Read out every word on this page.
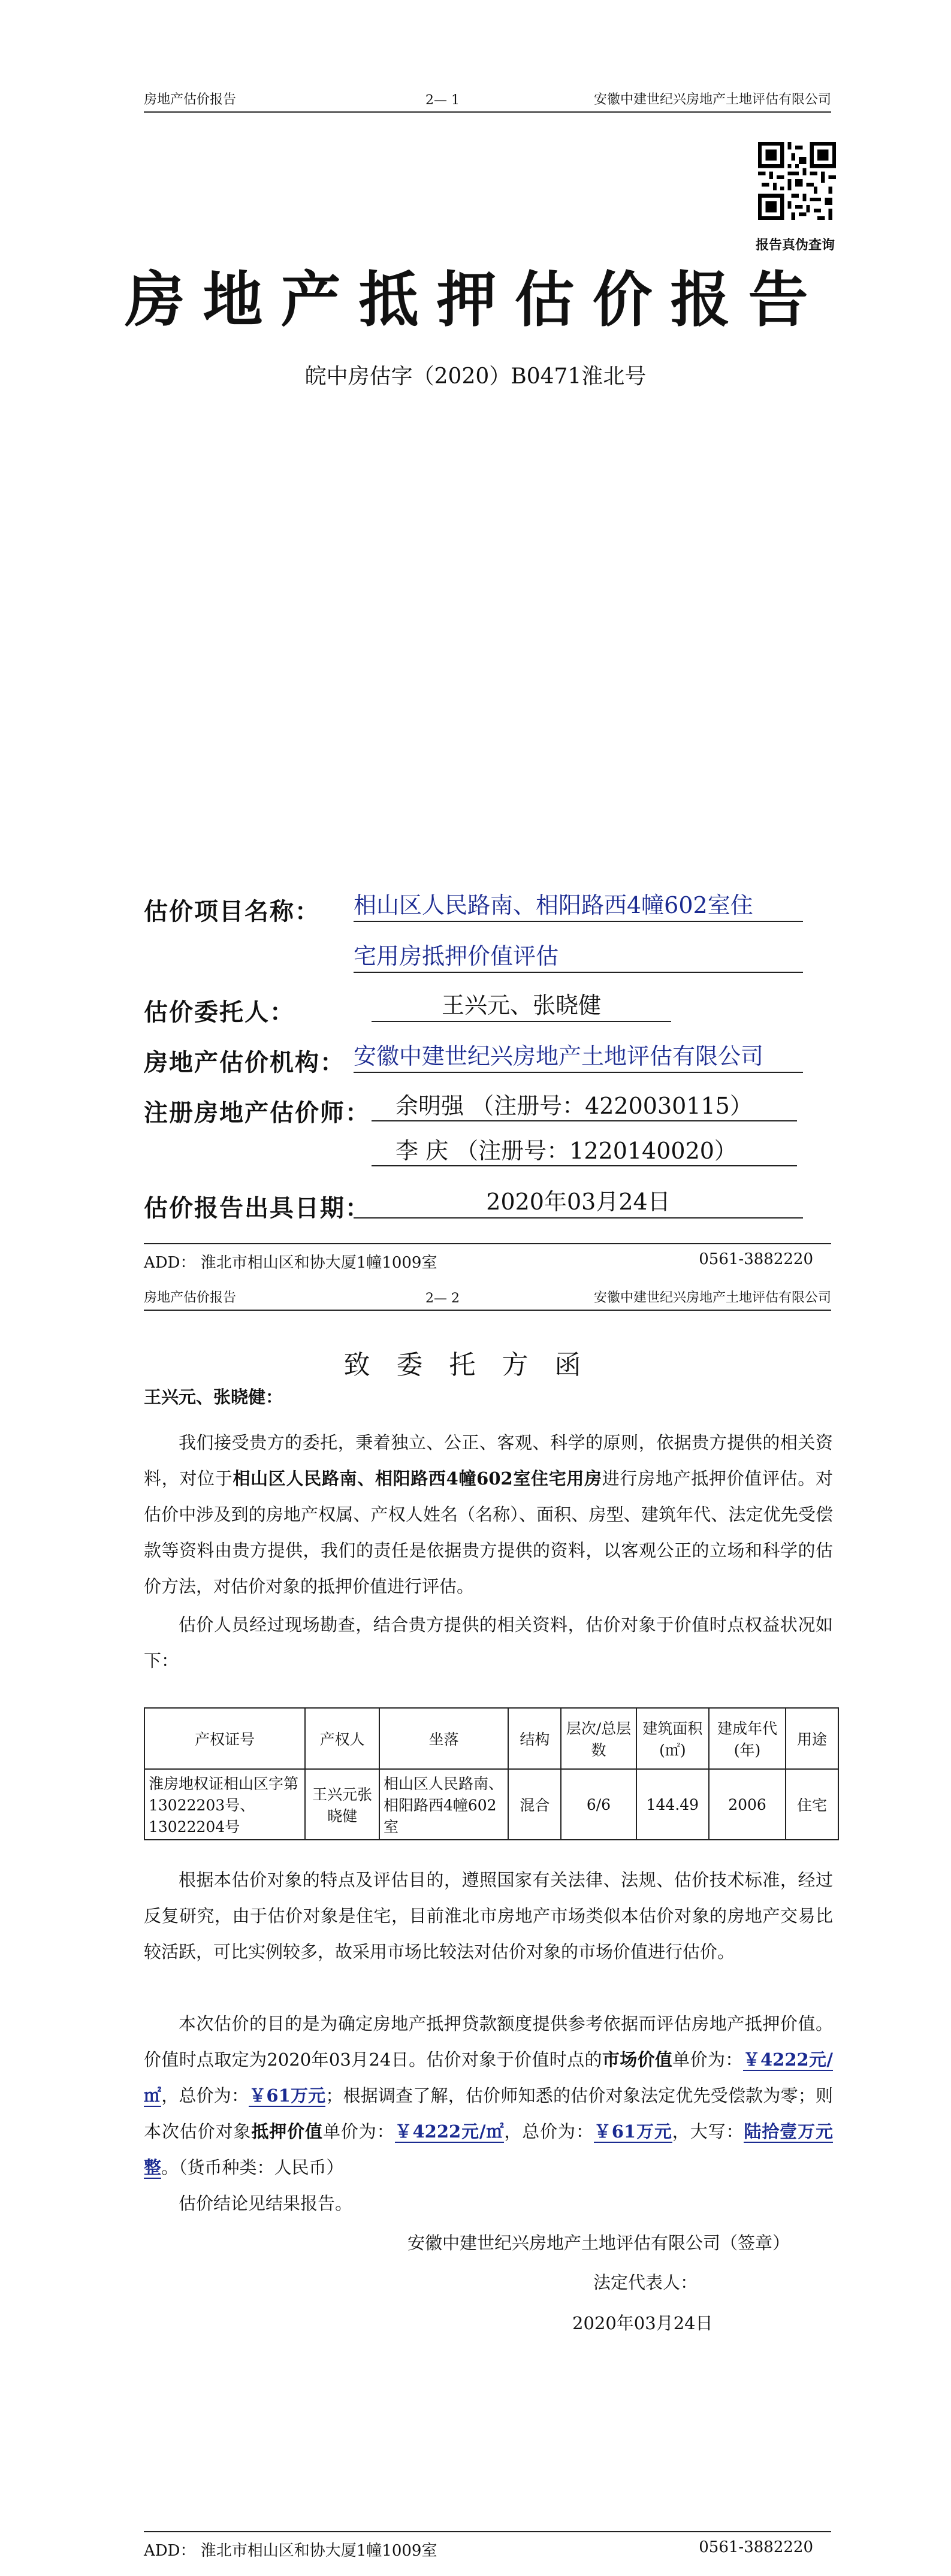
房地产估价报告	2— 1	安徽中建世纪兴房地产土地评估有限公司
报告真伪查询
房地产抵押估价报告
皖中房估字（2020）B0471淮北号
估价项目名称： 相山区人民路南、相阳路西4幢602室住
宅用房抵押价值评估
估价委托人：	王兴元、张晓健
房地产估价机构： 安徽中建世纪兴房地产土地评估有限公司
注册房地产估价师：	余明强 （注册号：4220030115）
李 庆 （注册号：1220140020）
估价报告出具日期：	2020年03月24日
ADD： 淮北市相山区和协大厦1幢1009室	0561-3882220
房地产估价报告	2— 2	安徽中建世纪兴房地产土地评估有限公司
致委托方函
王兴元、张晓健：
我们接受贵方的委托，秉着独立、公正、客观、科学的原则，依据贵方提供的相关资料，对位于相山区人民路南、相阳路西4幢602室住宅用房进行房地产抵押价值评估。对估价中涉及到的房地产权属、产权人姓名（名称）、面积、房型、建筑年代、法定优先受偿款等资料由贵方提供，我们的责任是依据贵方提供的资料，以客观公正的立场和科学的估价方法，对估价对象的抵押价值进行评估。
估价人员经过现场勘查，结合贵方提供的相关资料，估价对象于价值时点权益状况如下：
产权证号	产权人	坐落	结构	层次/总层数	建筑面积(㎡)	建成年代(年)	用途
淮房地权证相山区字第13022203号、13022204号	王兴元张晓健	相山区人民路南、相阳路西4幢602室	混合	6/6	144.49	2006	住宅
根据本估价对象的特点及评估目的，遵照国家有关法律、法规、估价技术标准，经过反复研究，由于估价对象是住宅，目前淮北市房地产市场类似本估价对象的房地产交易比较活跃，可比实例较多，故采用市场比较法对估价对象的市场价值进行估价。
本次估价的目的是为确定房地产抵押贷款额度提供参考依据而评估房地产抵押价值。价值时点取定为2020年03月24日。估价对象于价值时点的市场价值单价为：￥4222元/㎡，总价为：￥61万元；根据调查了解，估价师知悉的估价对象法定优先受偿款为零；则本次估价对象抵押价值单价为：￥4222元/㎡，总价为：￥61万元，大写：陆拾壹万元整。（货币种类：人民币）
估价结论见结果报告。
安徽中建世纪兴房地产土地评估有限公司（签章）
法定代表人：
2020年03月24日
ADD： 淮北市相山区和协大厦1幢1009室	0561-3882220
